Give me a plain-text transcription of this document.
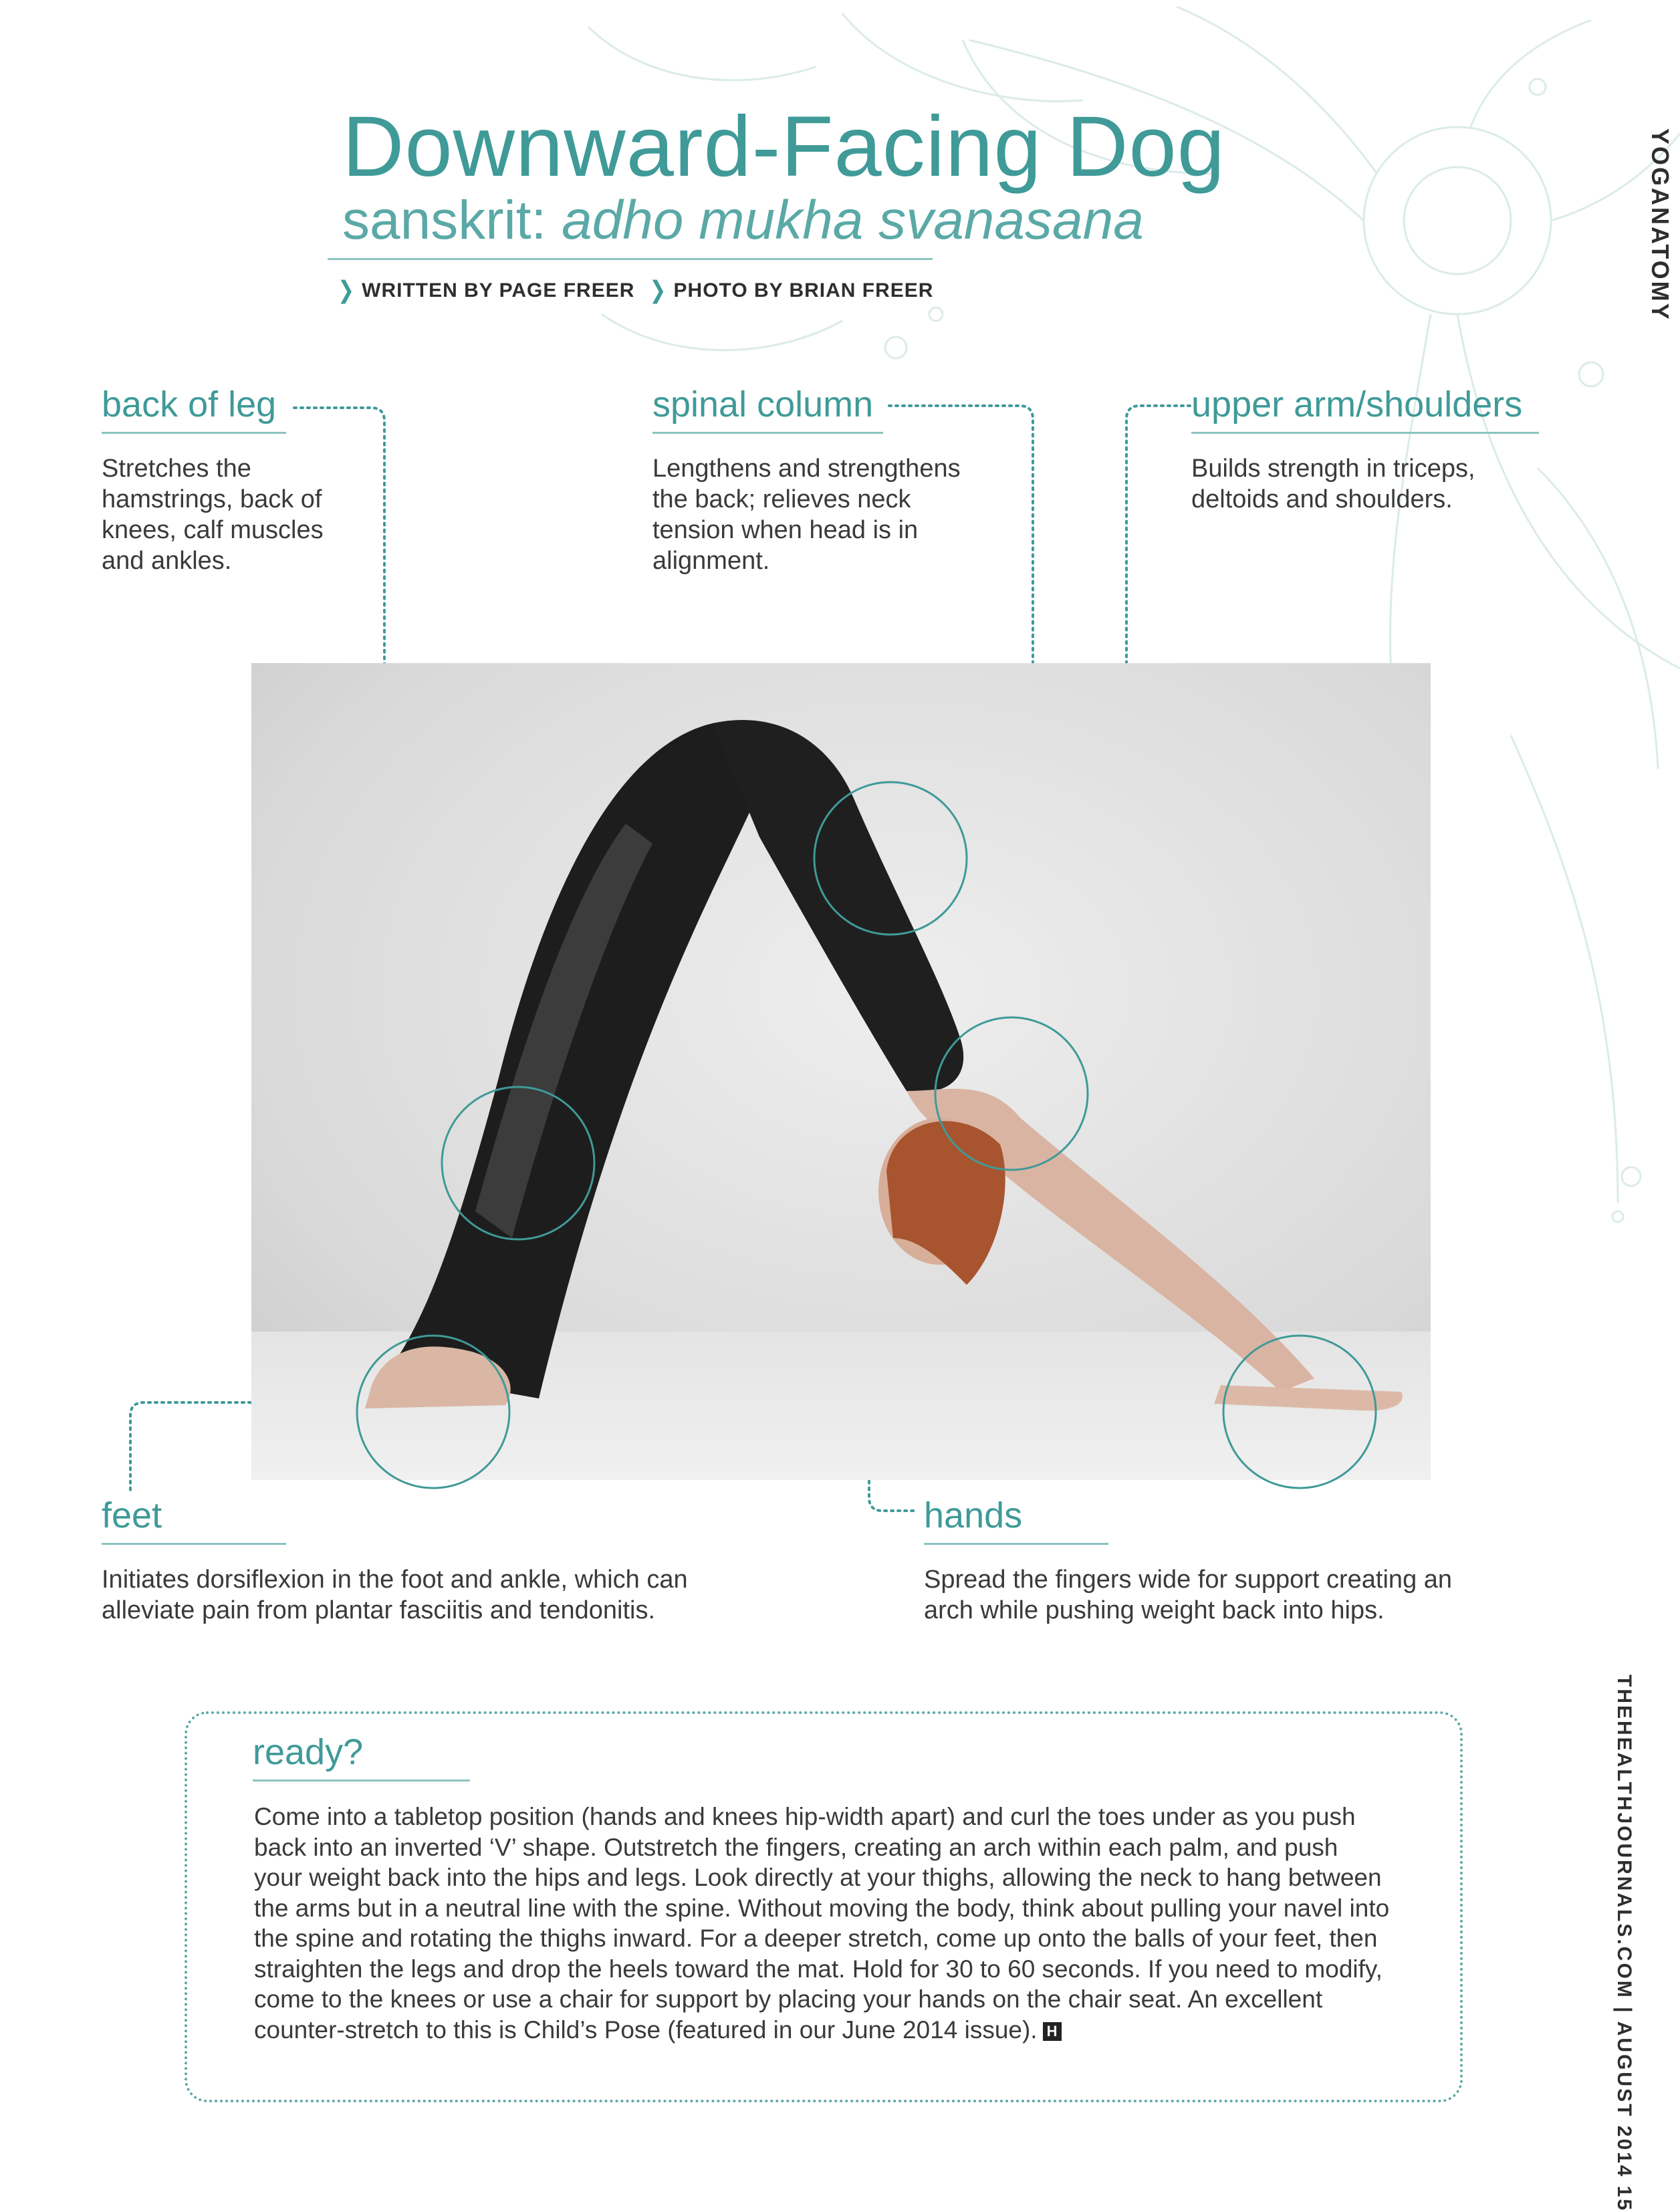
Downward-Facing Dog
sanskrit: adho mukha svanasana
❯ WRITTEN BY PAGE FREER ❯ PHOTO BY BRIAN FREER	YOGANATOMY
THEHEALTHJOURNALS.COM | AUGUST 2014 15
back of leg
Stretches the hamstrings, back of knees, calf muscles and ankles.
spinal column
Lengthens and strengthens the back; relieves neck tension when head is in alignment.
upper arm/shoulders
Builds strength in triceps, deltoids and shoulders.
feet
Initiates dorsiflexion in the foot and ankle, which can alleviate pain from plantar fasciitis and tendonitis.
hands
Spread the fingers wide for support creating an arch while pushing weight back into hips.
ready?
Come into a tabletop position (hands and knees hip-width apart) and curl the toes under as you push back into an inverted ‘V’ shape. Outstretch the fingers, creating an arch within each palm, and push your weight back into the hips and legs. Look directly at your thighs, allowing the neck to hang between the arms but in a neutral line with the spine. Without moving the body, think about pulling your navel into the spine and rotating the thighs inward. For a deeper stretch, come up onto the balls of your feet, then straighten the legs and drop the heels toward the mat. Hold for 30 to 60 seconds. If you need to modify, come to the knees or use a chair for support by placing your hands on the chair seat. An excellent counter-stretch to this is Child’s Pose (featured in our June 2014 issue). H
